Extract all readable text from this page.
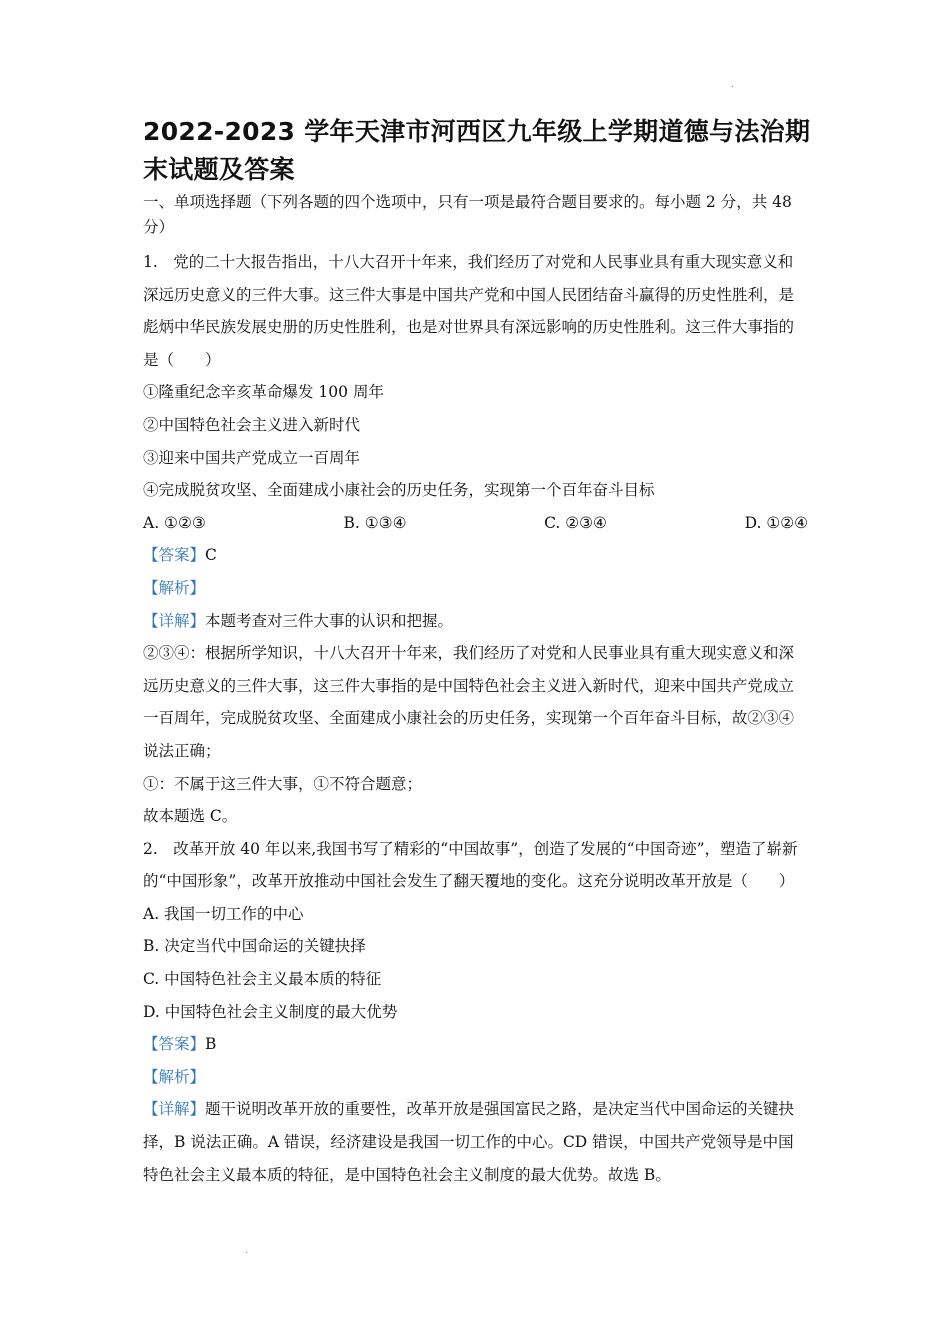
·
2022-2023 学年天津市河西区九年级上学期道德与法治期末试题及答案

一、单项选择题（下列各题的四个选项中，只有一项是最符合题目要求的。每小题 2 分，共 48 分）

1.　党的二十大报告指出，十八大召开十年来，我们经历了对党和人民事业具有重大现实意义和深远历史意义的三件大事。这三件大事是中国共产党和中国人民团结奋斗赢得的历史性胜利，是彪炳中华民族发展史册的历史性胜利，也是对世界具有深远影响的历史性胜利。这三件大事指的是（　　）

①隆重纪念辛亥革命爆发 100 周年

②中国特色社会主义进入新时代

③迎来中国共产党成立一百周年

④完成脱贫攻坚、全面建成小康社会的历史任务，实现第一个百年奋斗目标

A. ①②③	B. ①③④	C. ②③④	D. ①②④

【答案】C

【解析】

【详解】本题考查对三件大事的认识和把握。

②③④：根据所学知识，十八大召开十年来，我们经历了对党和人民事业具有重大现实意义和深远历史意义的三件大事，这三件大事指的是中国特色社会主义进入新时代，迎来中国共产党成立一百周年，完成脱贫攻坚、全面建成小康社会的历史任务，实现第一个百年奋斗目标，故②③④说法正确；

①：不属于这三件大事，①不符合题意；

故本题选 C。

2.　改革开放 40 年以来,我国书写了精彩的“中国故事”，创造了发展的“中国奇迹”，塑造了崭新的“中国形象”，改革开放推动中国社会发生了翻天覆地的变化。这充分说明改革开放是（　　）

A. 我国一切工作的中心

B. 决定当代中国命运的关键抉择

C. 中国特色社会主义最本质的特征

D. 中国特色社会主义制度的最大优势

【答案】B

【解析】

【详解】题干说明改革开放的重要性，改革开放是强国富民之路，是决定当代中国命运的关键抉择，B 说法正确。A 错误，经济建设是我国一切工作的中心。CD 错误，中国共产党领导是中国特色社会主义最本质的特征，是中国特色社会主义制度的最大优势。故选 B。

·
